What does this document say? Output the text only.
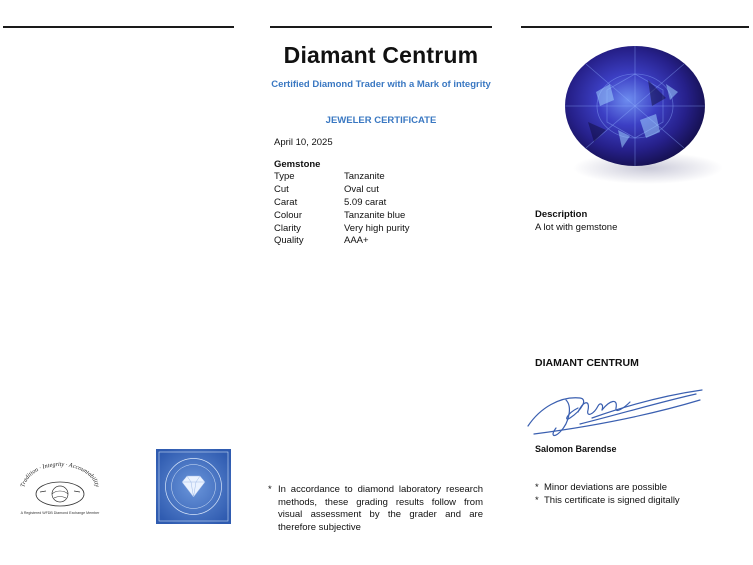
Diamant Centrum
Certified Diamond Trader with a Mark of integrity
JEWELER CERTIFICATE
April 10, 2025
Gemstone
Type	Tanzanite
Cut	Oval cut
Carat	5.09 carat
Colour	Tanzanite blue
Clarity	Very high purity
Quality	AAA+
Description
A lot with gemstone
DIAMANT CENTRUM
Salomon Barendse
* In accordance to diamond laboratory research methods, these grading results follow from visual assessment by the grader and are therefore subjective
* Minor deviations are possible
* This certificate is signed digitally
Tradition · Integrity · Accountability
A Registered WFDB Diamond Exchange Member
